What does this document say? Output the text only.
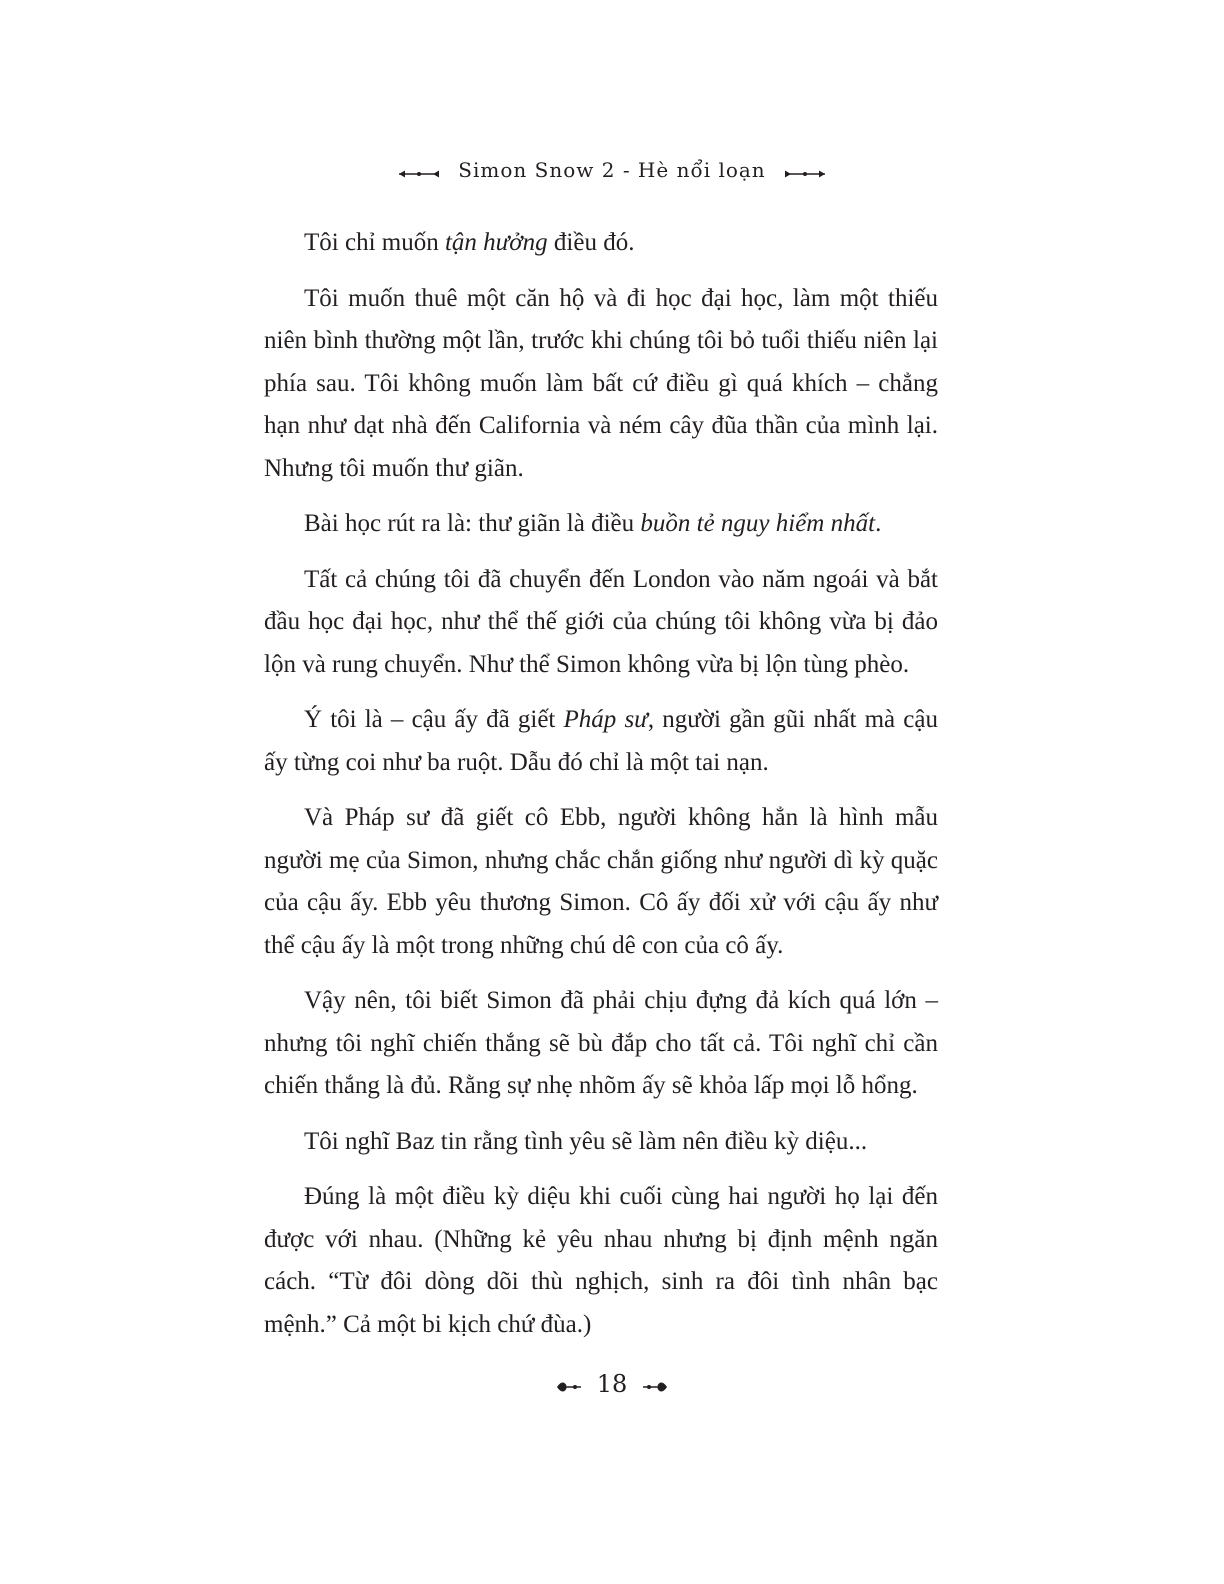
Simon Snow 2 - Hè nổi loạn

Tôi chỉ muốn tận hưởng điều đó.

Tôi muốn thuê một căn hộ và đi học đại học, làm một thiếu niên bình thường một lần, trước khi chúng tôi bỏ tuổi thiếu niên lại phía sau. Tôi không muốn làm bất cứ điều gì quá khích – chẳng hạn như dạt nhà đến California và ném cây đũa thần của mình lại. Nhưng tôi muốn thư giãn.

Bài học rút ra là: thư giãn là điều buồn tẻ nguy hiểm nhất.

Tất cả chúng tôi đã chuyển đến London vào năm ngoái và bắt đầu học đại học, như thể thế giới của chúng tôi không vừa bị đảo lộn và rung chuyển. Như thể Simon không vừa bị lộn tùng phèo.

Ý tôi là – cậu ấy đã giết Pháp sư, người gần gũi nhất mà cậu ấy từng coi như ba ruột. Dẫu đó chỉ là một tai nạn.

Và Pháp sư đã giết cô Ebb, người không hẳn là hình mẫu người mẹ của Simon, nhưng chắc chắn giống như người dì kỳ quặc của cậu ấy. Ebb yêu thương Simon. Cô ấy đối xử với cậu ấy như thể cậu ấy là một trong những chú dê con của cô ấy.

Vậy nên, tôi biết Simon đã phải chịu đựng đả kích quá lớn – nhưng tôi nghĩ chiến thắng sẽ bù đắp cho tất cả. Tôi nghĩ chỉ cần chiến thắng là đủ. Rằng sự nhẹ nhõm ấy sẽ khỏa lấp mọi lỗ hổng.

Tôi nghĩ Baz tin rằng tình yêu sẽ làm nên điều kỳ diệu...

Đúng là một điều kỳ diệu khi cuối cùng hai người họ lại đến được với nhau. (Những kẻ yêu nhau nhưng bị định mệnh ngăn cách. “Từ đôi dòng dõi thù nghịch, sinh ra đôi tình nhân bạc mệnh.” Cả một bi kịch chứ đùa.)

18
